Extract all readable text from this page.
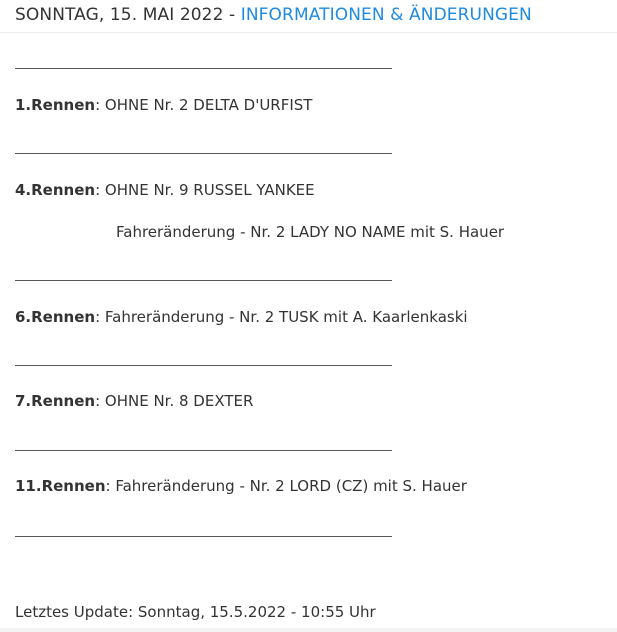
SONNTAG, 15. MAI 2022 - INFORMATIONEN & ÄNDERUNGEN
1.Rennen: OHNE Nr. 2 DELTA D'URFIST
4.Rennen: OHNE Nr. 9 RUSSEL YANKEE
Fahreränderung - Nr. 2 LADY NO NAME mit S. Hauer
6.Rennen: Fahreränderung - Nr. 2 TUSK mit A. Kaarlenkaski
7.Rennen: OHNE Nr. 8 DEXTER
11.Rennen: Fahreränderung - Nr. 2 LORD (CZ) mit S. Hauer
Letztes Update: Sonntag, 15.5.2022 - 10:55 Uhr
